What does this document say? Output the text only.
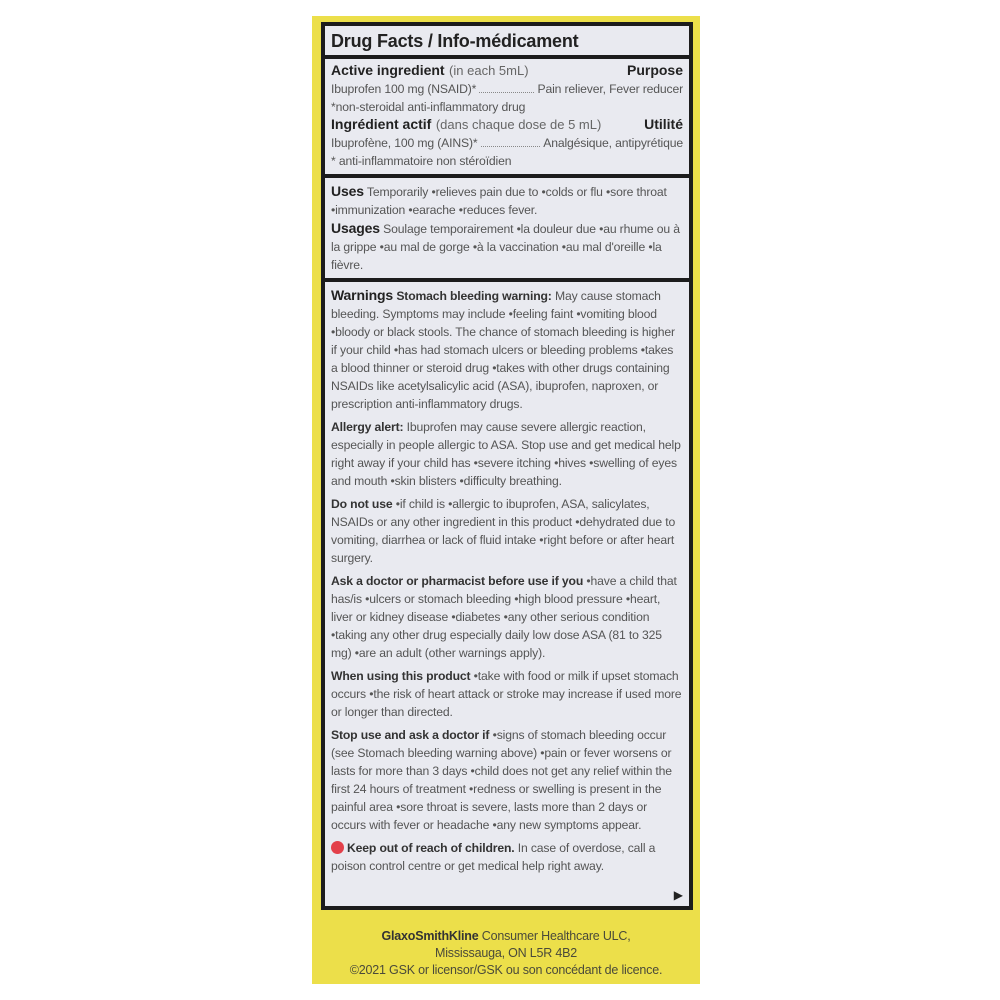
Drug Facts / Info-médicament
Active ingredient (in each 5mL)	Purpose
Ibuprofen 100 mg (NSAID)*	Pain reliever, Fever reducer
*non-steroidal anti-inflammatory drug
Ingrédient actif (dans chaque dose de 5 mL)	Utilité
Ibuprofène, 100 mg (AINS)*	Analgésique, antipyrétique
* anti-inflammatoire non stéroïdien
Uses Temporarily •relieves pain due to •colds or flu •sore throat •immunization •earache •reduces fever.
Usages Soulage temporairement •la douleur due •au rhume ou à la grippe •au mal de gorge •à la vaccination •au mal d'oreille •la fièvre.
Warnings Stomach bleeding warning: May cause stomach bleeding. Symptoms may include •feeling faint •vomiting blood •bloody or black stools. The chance of stomach bleeding is higher if your child •has had stomach ulcers or bleeding problems •takes a blood thinner or steroid drug •takes with other drugs containing NSAIDs like acetylsalicylic acid (ASA), ibuprofen, naproxen, or prescription anti-inflammatory drugs.
Allergy alert: Ibuprofen may cause severe allergic reaction, especially in people allergic to ASA. Stop use and get medical help right away if your child has •severe itching •hives •swelling of eyes and mouth •skin blisters •difficulty breathing.
Do not use •if child is •allergic to ibuprofen, ASA, salicylates, NSAIDs or any other ingredient in this product •dehydrated due to vomiting, diarrhea or lack of fluid intake •right before or after heart surgery.
Ask a doctor or pharmacist before use if you •have a child that has/is •ulcers or stomach bleeding •high blood pressure •heart, liver or kidney disease •diabetes •any other serious condition •taking any other drug especially daily low dose ASA (81 to 325 mg) •are an adult (other warnings apply).
When using this product •take with food or milk if upset stomach occurs •the risk of heart attack or stroke may increase if used more or longer than directed.
Stop use and ask a doctor if •signs of stomach bleeding occur (see Stomach bleeding warning above) •pain or fever worsens or lasts for more than 3 days •child does not get any relief within the first 24 hours of treatment •redness or swelling is present in the painful area •sore throat is severe, lasts more than 2 days or occurs with fever or headache •any new symptoms appear.
Keep out of reach of children. In case of overdose, call a poison control centre or get medical help right away.
▶
GlaxoSmithKline Consumer Healthcare ULC,
Mississauga, ON L5R 4B2
©2021 GSK or licensor/GSK ou son concédant de licence.
